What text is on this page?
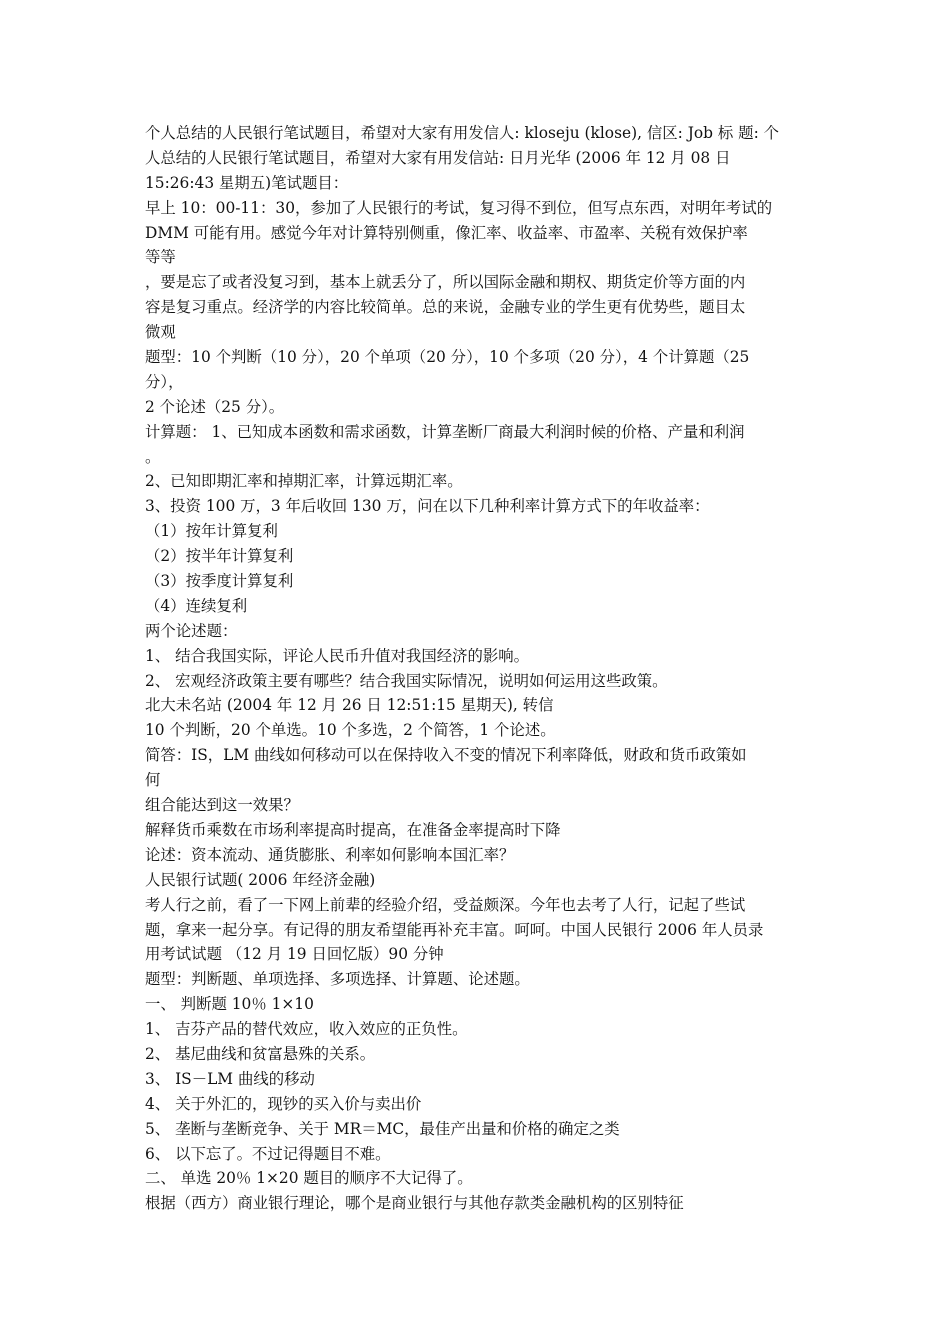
个人总结的人民银行笔试题目，希望对大家有用发信人: kloseju (klose), 信区: Job 标 题: 个
人总结的人民银行笔试题目，希望对大家有用发信站: 日月光华 (2006 年 12 月 08 日
15:26:43 星期五)笔试题目：
早上 10：00-11：30，参加了人民银行的考试，复习得不到位，但写点东西，对明年考试的
DMM 可能有用。感觉今年对计算特别侧重，像汇率、收益率、市盈率、关税有效保护率
等等
，要是忘了或者没复习到，基本上就丢分了，所以国际金融和期权、期货定价等方面的内
容是复习重点。经济学的内容比较简单。总的来说，金融专业的学生更有优势些，题目太
微观
题型：10 个判断（10 分），20 个单项（20 分），10 个多项（20 分），4 个计算题（25
分），
2 个论述（25 分）。
计算题： 1、已知成本函数和需求函数，计算垄断厂商最大利润时候的价格、产量和利润
。
2、已知即期汇率和掉期汇率，计算远期汇率。
3、投资 100 万，3 年后收回 130 万，问在以下几种利率计算方式下的年收益率：
（1）按年计算复利
（2）按半年计算复利
（3）按季度计算复利
（4）连续复利
两个论述题：
1、 结合我国实际，评论人民币升值对我国经济的影响。
2、 宏观经济政策主要有哪些？结合我国实际情况，说明如何运用这些政策。
北大未名站 (2004 年 12 月 26 日 12:51:15 星期天), 转信
10 个判断，20 个单选。10 个多选，2 个简答，1 个论述。
简答：IS，LM 曲线如何移动可以在保持收入不变的情况下利率降低，财政和货币政策如
何
组合能达到这一效果？
解释货币乘数在市场利率提高时提高，在准备金率提高时下降
论述：资本流动、通货膨胀、利率如何影响本国汇率？
人民银行试题( 2006 年经济金融)
考人行之前，看了一下网上前辈的经验介绍，受益颇深。今年也去考了人行，记起了些试
题，拿来一起分享。有记得的朋友希望能再补充丰富。呵呵。中国人民银行 2006 年人员录
用考试试题 （12 月 19 日回忆版）90 分钟
题型：判断题、单项选择、多项选择、计算题、论述题。
一、 判断题 10％ 1×10
1、 吉芬产品的替代效应，收入效应的正负性。
2、 基尼曲线和贫富悬殊的关系。
3、 IS－LM 曲线的移动
4、 关于外汇的，现钞的买入价与卖出价
5、 垄断与垄断竞争、关于 MR＝MC，最佳产出量和价格的确定之类
6、 以下忘了。不过记得题目不难。
二、 单选 20％ 1×20 题目的顺序不大记得了。
根据（西方）商业银行理论，哪个是商业银行与其他存款类金融机构的区别特征
